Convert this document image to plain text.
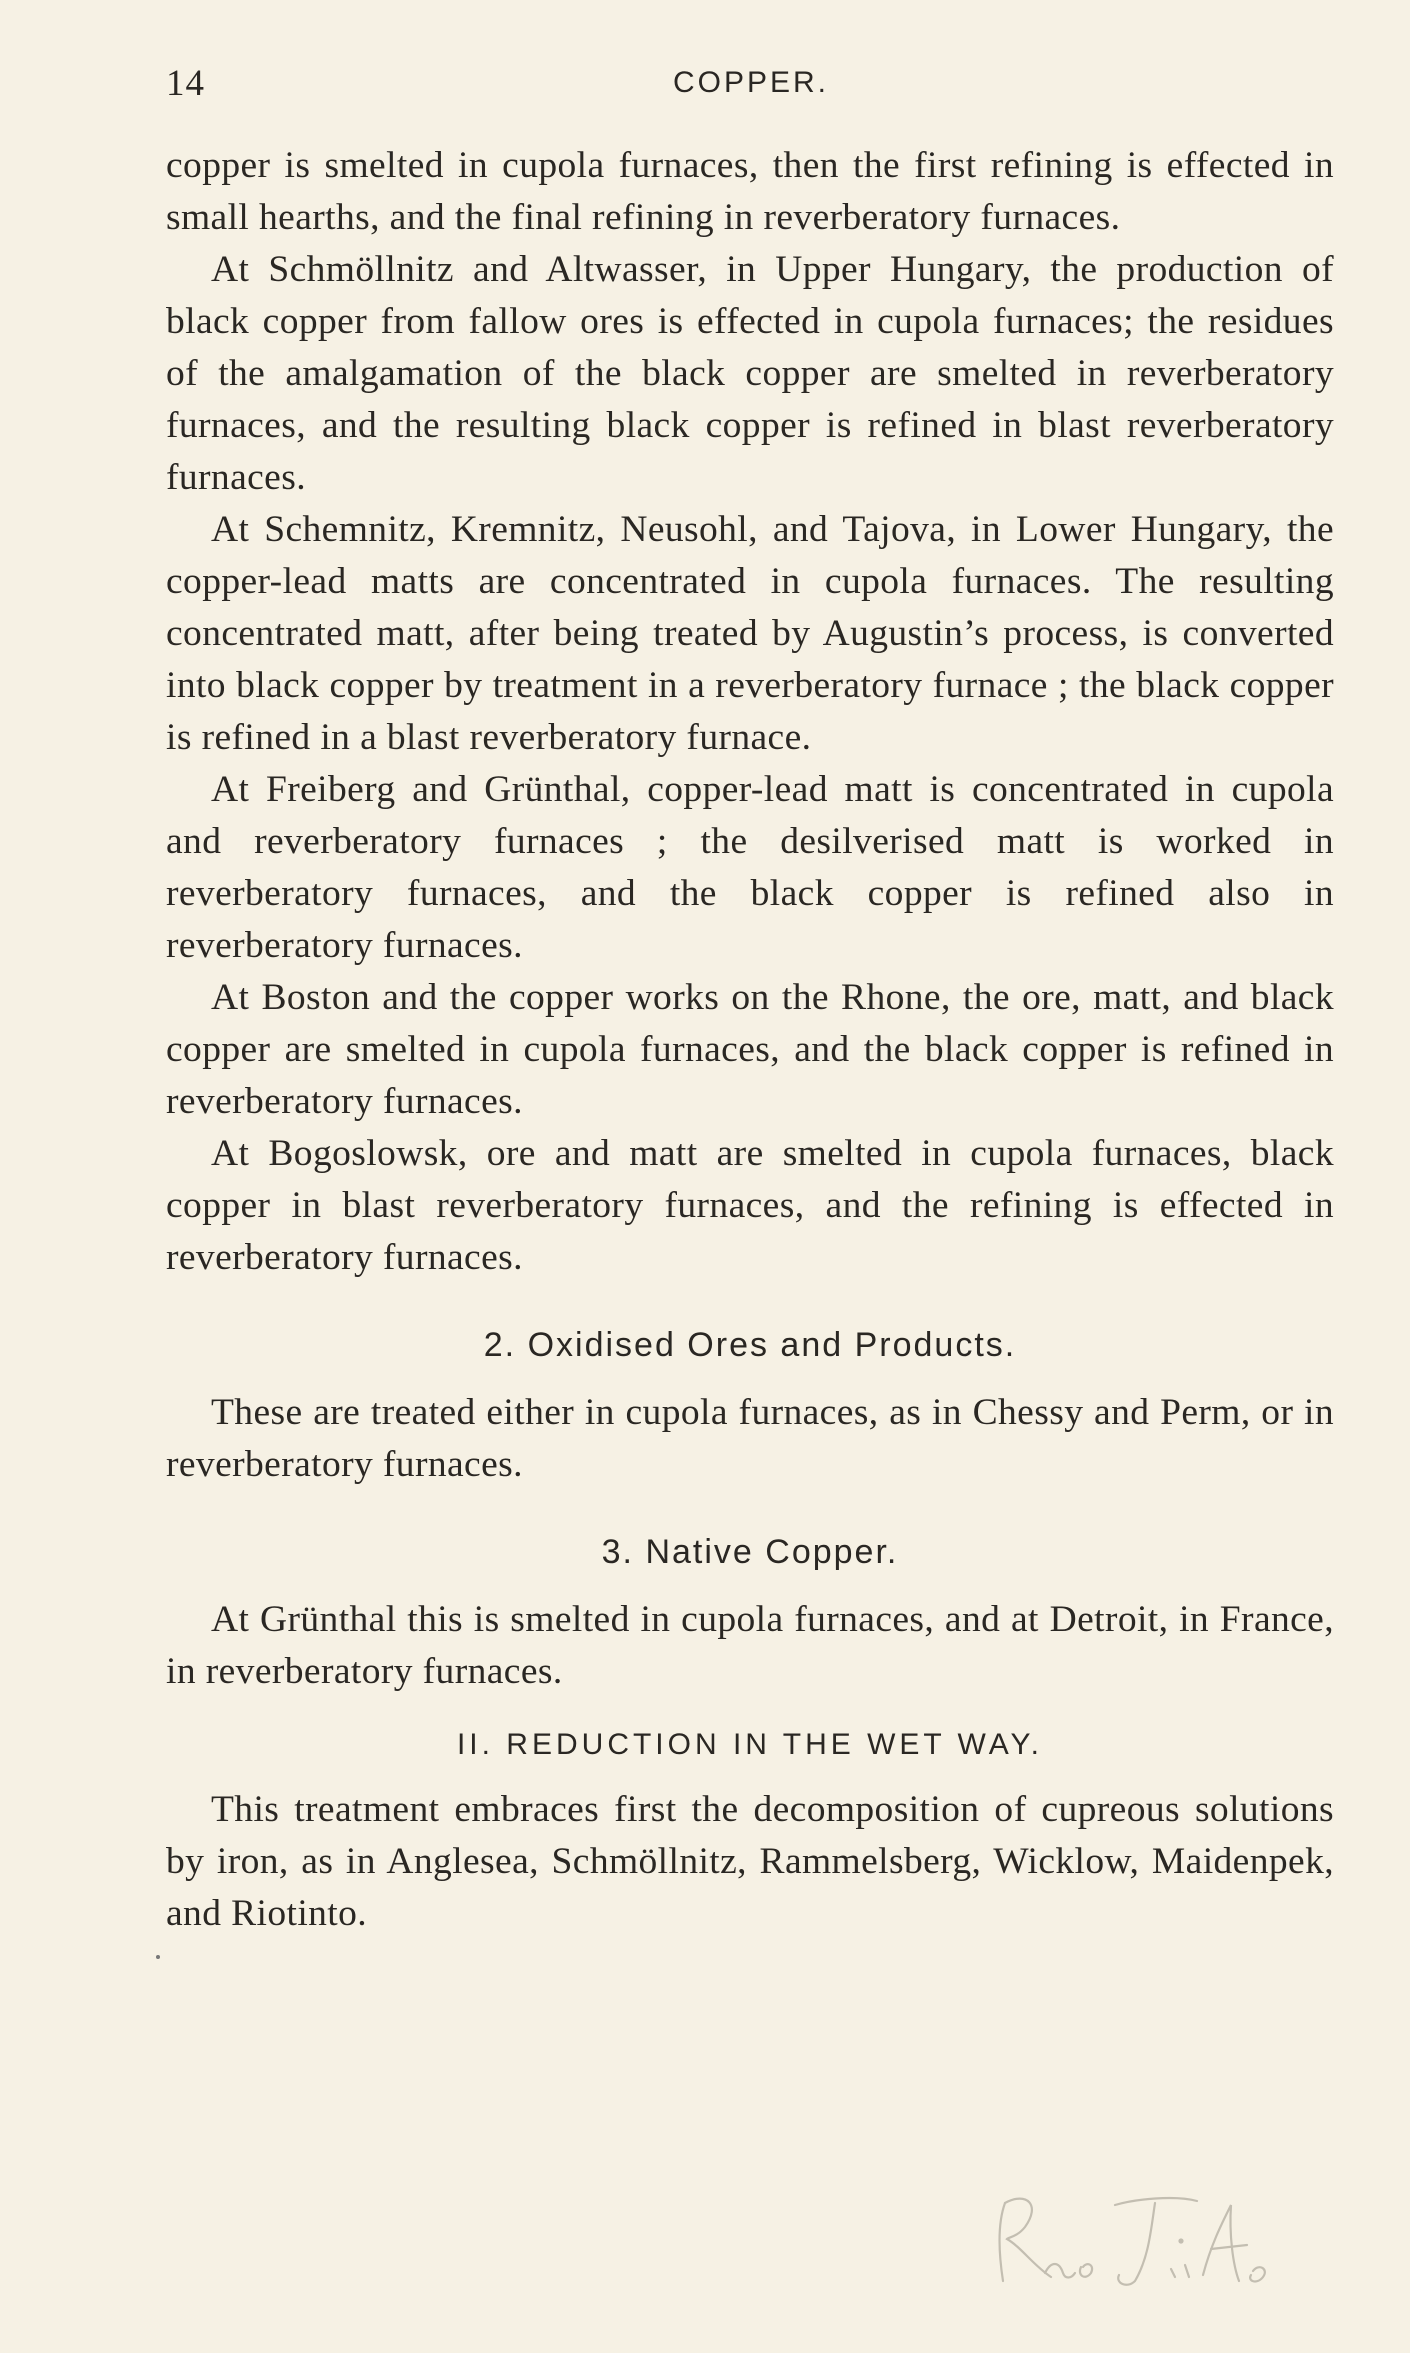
14	COPPER.

copper is smelted in cupola furnaces, then the first refining is effected in small hearths, and the final refining in reverberatory furnaces.

At Schmöllnitz and Altwasser, in Upper Hungary, the production of black copper from fallow ores is effected in cupola furnaces; the residues of the amalgamation of the black copper are smelted in reverberatory furnaces, and the resulting black copper is refined in blast reverberatory furnaces.

At Schemnitz, Kremnitz, Neusohl, and Tajova, in Lower Hungary, the copper-lead matts are concentrated in cupola furnaces. The resulting concentrated matt, after being treated by Augustin’s process, is converted into black copper by treatment in a reverberatory furnace ; the black copper is refined in a blast reverberatory furnace.

At Freiberg and Grünthal, copper-lead matt is concentrated in cupola and reverberatory furnaces ; the desilverised matt is worked in reverberatory furnaces, and the black copper is refined also in reverberatory furnaces.

At Boston and the copper works on the Rhone, the ore, matt, and black copper are smelted in cupola furnaces, and the black copper is refined in reverberatory furnaces.

At Bogoslowsk, ore and matt are smelted in cupola furnaces, black copper in blast reverberatory furnaces, and the refining is effected in reverberatory furnaces.

2. Oxidised Ores and Products.

These are treated either in cupola furnaces, as in Chessy and Perm, or in reverberatory furnaces.

3. Native Copper.

At Grünthal this is smelted in cupola furnaces, and at Detroit, in France, in reverberatory furnaces.

II. REDUCTION IN THE WET WAY.

This treatment embraces first the decomposition of cupreous solutions by iron, as in Anglesea, Schmöllnitz, Rammelsberg, Wicklow, Maidenpek, and Riotinto.
